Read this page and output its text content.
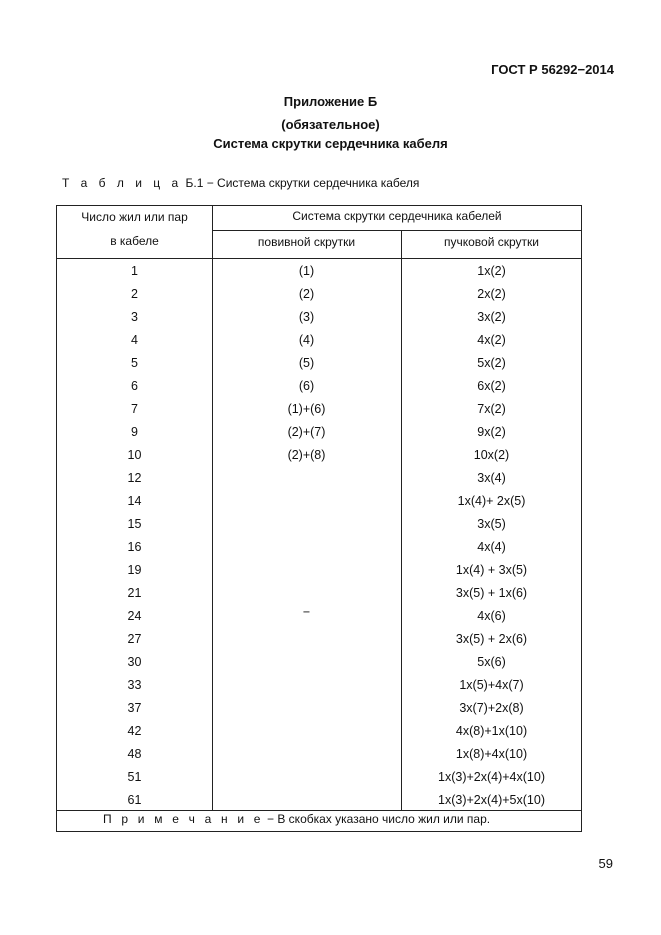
ГОСТ Р 56292−2014
Приложение Б
(обязательное)
Система скрутки сердечника кабеля
Т а б л и ц а Б.1 − Система скрутки сердечника кабеля
Число жил или пар
в кабеле
Система скрутки сердечника кабелей
повивной скрутки	пучковой скрутки
1
2
3
4
5
6
7
9
10
12
14
15
16
19
21
24
27
30
33
37
42
48
51
61
(1)
(2)
(3)
(4)
(5)
(6)
(1)+(6)
(2)+(7)
(2)+(8)
1x(2)
2x(2)
3x(2)
4x(2)
5x(2)
6x(2)
7x(2)
9x(2)
10x(2)
3x(4)
1x(4)+ 2x(5)
3x(5)
4x(4)
1x(4) + 3x(5)
3x(5) + 1x(6)
4x(6)
3x(5) + 2x(6)
5x(6)
1x(5)+4x(7)
3x(7)+2x(8)
4x(8)+1x(10)
1x(8)+4x(10)
1x(3)+2x(4)+4x(10)
1x(3)+2x(4)+5x(10)
−
П р и м е ч а н и е − В скобках указано число жил или пар.
59
